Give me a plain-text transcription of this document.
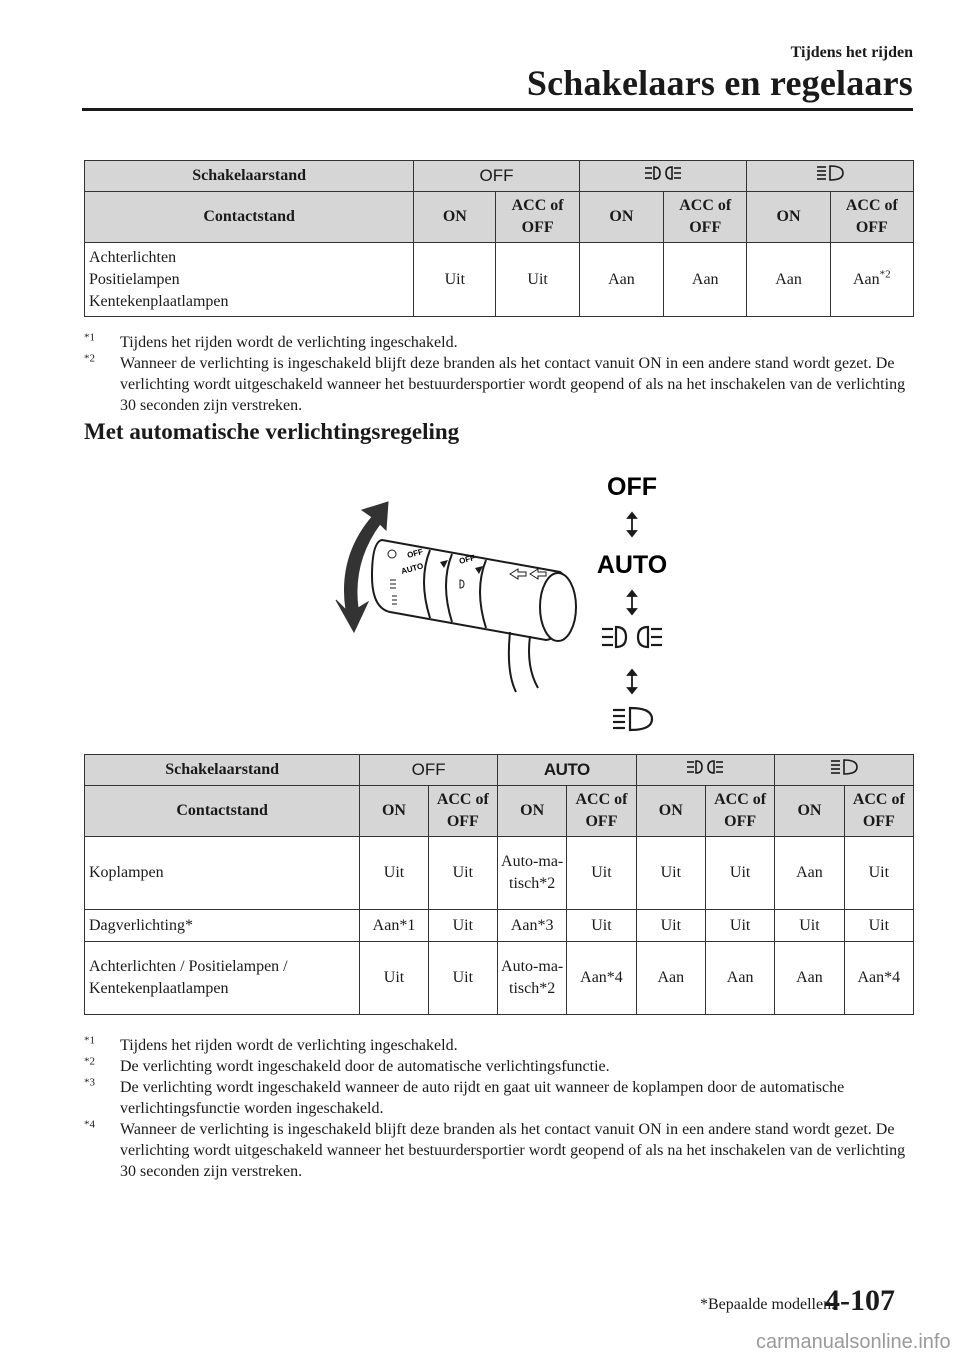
Tijdens het rijden
Schakelaars en regelaars
Schakelaarstand	OFF		
Contactstand	ON	ACC of OFF	ON	ACC of OFF	ON	ACC of OFF

Achterlichten
Positielampen
Kentekenplaatlampen	Uit	Uit	Aan	Aan	Aan	Aan$^{*2}$
$^{*1}$ Tijdens het rijden wordt de verlichting ingeschakeld.
$^{*2}$ Wanneer de verlichting is ingeschakeld blijft deze branden als het contact vanuit ON in een andere stand wordt gezet. De verlichting wordt uitgeschakeld wanneer het bestuurdersportier wordt geopend of als na het inschakelen van de verlichting 30 seconden zijn verstreken.
Met automatische verlichtingsregeling
OFF
AUTO
OFF
OFF
AUTO
Schakelaarstand	OFF		AUTO		
Contactstand	ON	ACC of OFF	ON	ACC of OFF	ON	ACC of OFF	ON	ACC of OFF
Koplampen	Uit	Uit	Auto-ma-tisch*2	Uit	Uit	Uit	Aan	Uit
Dagverlichting*	Aan*1	Uit	Aan*3	Uit	Uit	Uit	Uit	Uit
Achterlichten / Positielampen / Kentekenplaatlampen	Uit	Uit	Auto-ma-tisch*2	Aan*4	Aan	Aan	Aan	Aan*4
$^{*1}$ Tijdens het rijden wordt de verlichting ingeschakeld.
$^{*2}$ De verlichting wordt ingeschakeld door de automatische verlichtingsfunctie.
$^{*3}$ De verlichting wordt ingeschakeld wanneer de auto rijdt en gaat uit wanneer de koplampen door de automatische verlichtingsfunctie worden ingeschakeld.
$^{*4}$ Wanneer de verlichting is ingeschakeld blijft deze branden als het contact vanuit ON in een andere stand wordt gezet. De verlichting wordt uitgeschakeld wanneer het bestuurdersportier wordt geopend of als na het inschakelen van de verlichting 30 seconden zijn verstreken.
*Bepaalde modellen.
4-107
carmanualsonline.info
